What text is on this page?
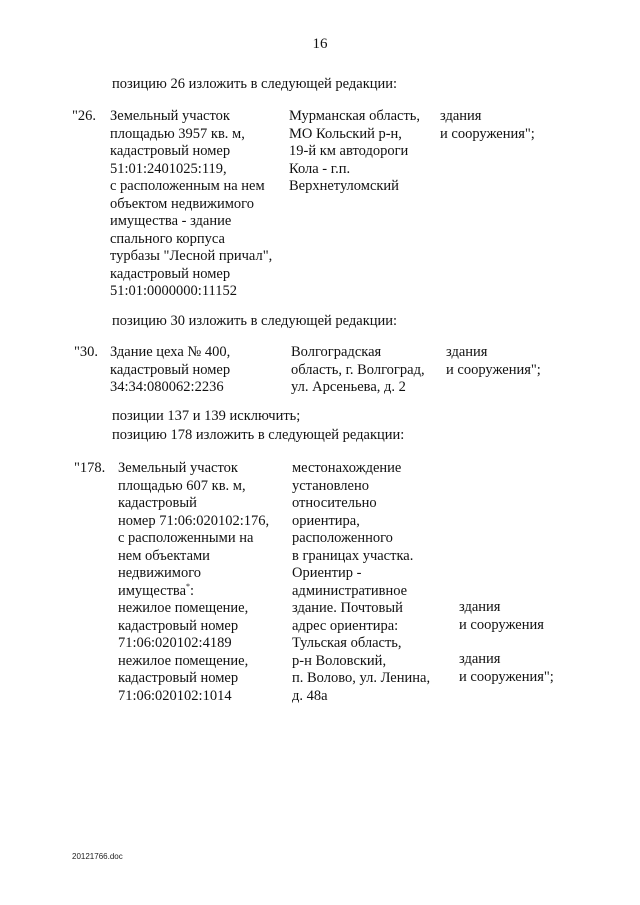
16
позицию 26 изложить в следующей редакции:
"26. Земельный участок
площадью 3957 кв. м,
кадастровый номер
51:01:2401025:119,
с расположенным на нем
объектом недвижимого
имущества - здание
спального корпуса
турбазы "Лесной причал",
кадастровый номер
51:01:0000000:11152
Мурманская область,
МО Кольский р-н,
19-й км автодороги
Кола - г.п.
Верхнетуломский
здания
и сооружения";
позицию 30 изложить в следующей редакции:
"30. Здание цеха № 400,
кадастровый номер
34:34:080062:2236
Волгоградская
область, г. Волгоград,
ул. Арсеньева, д. 2
здания
и сооружения";
позиции 137 и 139 исключить;
позицию 178 изложить в следующей редакции:
"178. Земельный участок
площадью 607 кв. м,
кадастровый
номер 71:06:020102:176,
с расположенными на
нем объектами
недвижимого
имущества*:
нежилое помещение,
кадастровый номер
71:06:020102:4189
нежилое помещение,
кадастровый номер
71:06:020102:1014
местонахождение
установлено
относительно
ориентира,
расположенного
в границах участка.
Ориентир -
административное
здание. Почтовый
адрес ориентира:
Тульская область,
р-н Воловский,
п. Волово, ул. Ленина,
д. 48а
здания
и сооружения
здания
и сооружения";
20121766.doc
